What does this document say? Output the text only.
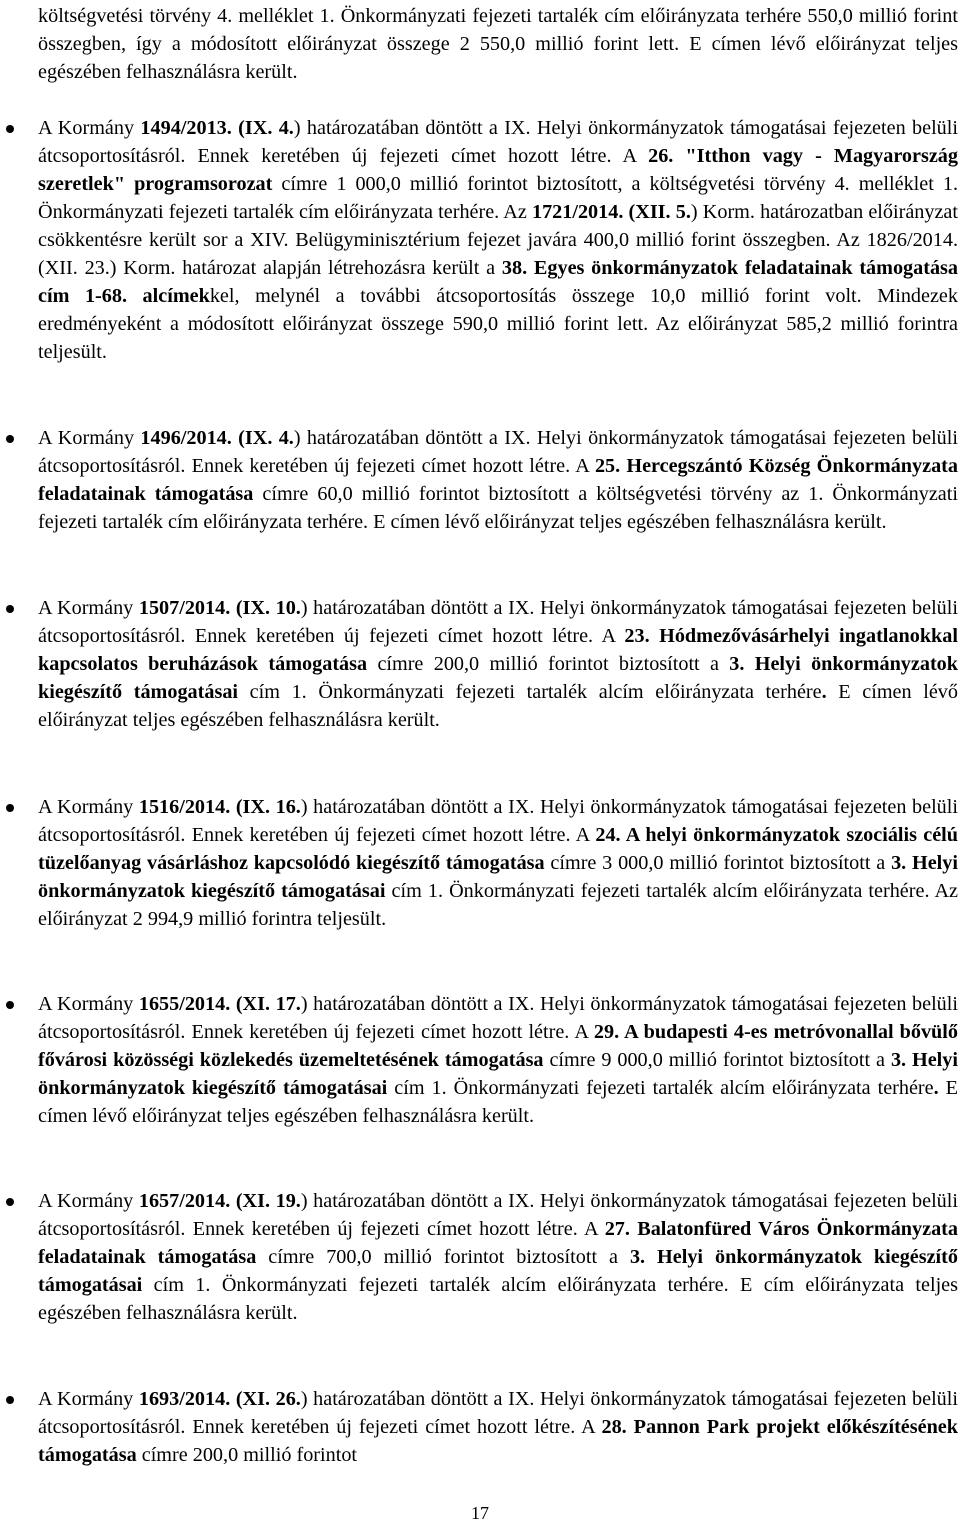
költségvetési törvény 4. melléklet 1. Önkormányzati fejezeti tartalék cím előirányzata terhére 550,0 millió forint összegben, így a módosított előirányzat összege 2 550,0 millió forint lett. E címen lévő előirányzat teljes egészében felhasználásra került.

A Kormány 1494/2013. (IX. 4.) határozatában döntött a IX. Helyi önkormányzatok támogatásai fejezeten belüli átcsoportosításról. Ennek keretében új fejezeti címet hozott létre. A 26. "Itthon vagy - Magyarország szeretlek" programsorozat címre 1 000,0 millió forintot biztosított, a költségvetési törvény 4. melléklet 1. Önkormányzati fejezeti tartalék cím előirányzata terhére. Az 1721/2014. (XII. 5.) Korm. határozatban előirányzat csökkentésre került sor a XIV. Belügyminisztérium fejezet javára 400,0 millió forint összegben. Az 1826/2014. (XII. 23.) Korm. határozat alapján létrehozásra került a 38. Egyes önkormányzatok feladatainak támogatása cím 1-68. alcímekkel, melynél a további átcsoportosítás összege 10,0 millió forint volt. Mindezek eredményeként a módosított előirányzat összege 590,0 millió forint lett. Az előirányzat 585,2 millió forintra teljesült.

A Kormány 1496/2014. (IX. 4.) határozatában döntött a IX. Helyi önkormányzatok támogatásai fejezeten belüli átcsoportosításról. Ennek keretében új fejezeti címet hozott létre. A 25. Hercegszántó Község Önkormányzata feladatainak támogatása címre 60,0 millió forintot biztosított a költségvetési törvény az 1. Önkormányzati fejezeti tartalék cím előirányzata terhére. E címen lévő előirányzat teljes egészében felhasználásra került.

A Kormány 1507/2014. (IX. 10.) határozatában döntött a IX. Helyi önkormányzatok támogatásai fejezeten belüli átcsoportosításról. Ennek keretében új fejezeti címet hozott létre. A 23. Hódmezővásárhelyi ingatlanokkal kapcsolatos beruházások támogatása címre 200,0 millió forintot biztosított a 3. Helyi önkormányzatok kiegészítő támogatásai cím 1. Önkormányzati fejezeti tartalék alcím előirányzata terhére. E címen lévő előirányzat teljes egészében felhasználásra került.

A Kormány 1516/2014. (IX. 16.) határozatában döntött a IX. Helyi önkormányzatok támogatásai fejezeten belüli átcsoportosításról. Ennek keretében új fejezeti címet hozott létre. A 24. A helyi önkormányzatok szociális célú tüzelőanyag vásárláshoz kapcsolódó kiegészítő támogatása címre 3 000,0 millió forintot biztosított a 3. Helyi önkormányzatok kiegészítő támogatásai cím 1. Önkormányzati fejezeti tartalék alcím előirányzata terhére. Az előirányzat 2 994,9 millió forintra teljesült.

A Kormány 1655/2014. (XI. 17.) határozatában döntött a IX. Helyi önkormányzatok támogatásai fejezeten belüli átcsoportosításról. Ennek keretében új fejezeti címet hozott létre. A 29. A budapesti 4-es metróvonallal bővülő fővárosi közösségi közlekedés üzemeltetésének támogatása címre 9 000,0 millió forintot biztosított a 3. Helyi önkormányzatok kiegészítő támogatásai cím 1. Önkormányzati fejezeti tartalék alcím előirányzata terhére. E címen lévő előirányzat teljes egészében felhasználásra került.

A Kormány 1657/2014. (XI. 19.) határozatában döntött a IX. Helyi önkormányzatok támogatásai fejezeten belüli átcsoportosításról. Ennek keretében új fejezeti címet hozott létre. A 27. Balatonfüred Város Önkormányzata feladatainak támogatása címre 700,0 millió forintot biztosított a 3. Helyi önkormányzatok kiegészítő támogatásai cím 1. Önkormányzati fejezeti tartalék alcím előirányzata terhére. E cím előirányzata teljes egészében felhasználásra került.

A Kormány 1693/2014. (XI. 26.) határozatában döntött a IX. Helyi önkormányzatok támogatásai fejezeten belüli átcsoportosításról. Ennek keretében új fejezeti címet hozott létre. A 28. Pannon Park projekt előkészítésének támogatása címre 200,0 millió forintot

17
